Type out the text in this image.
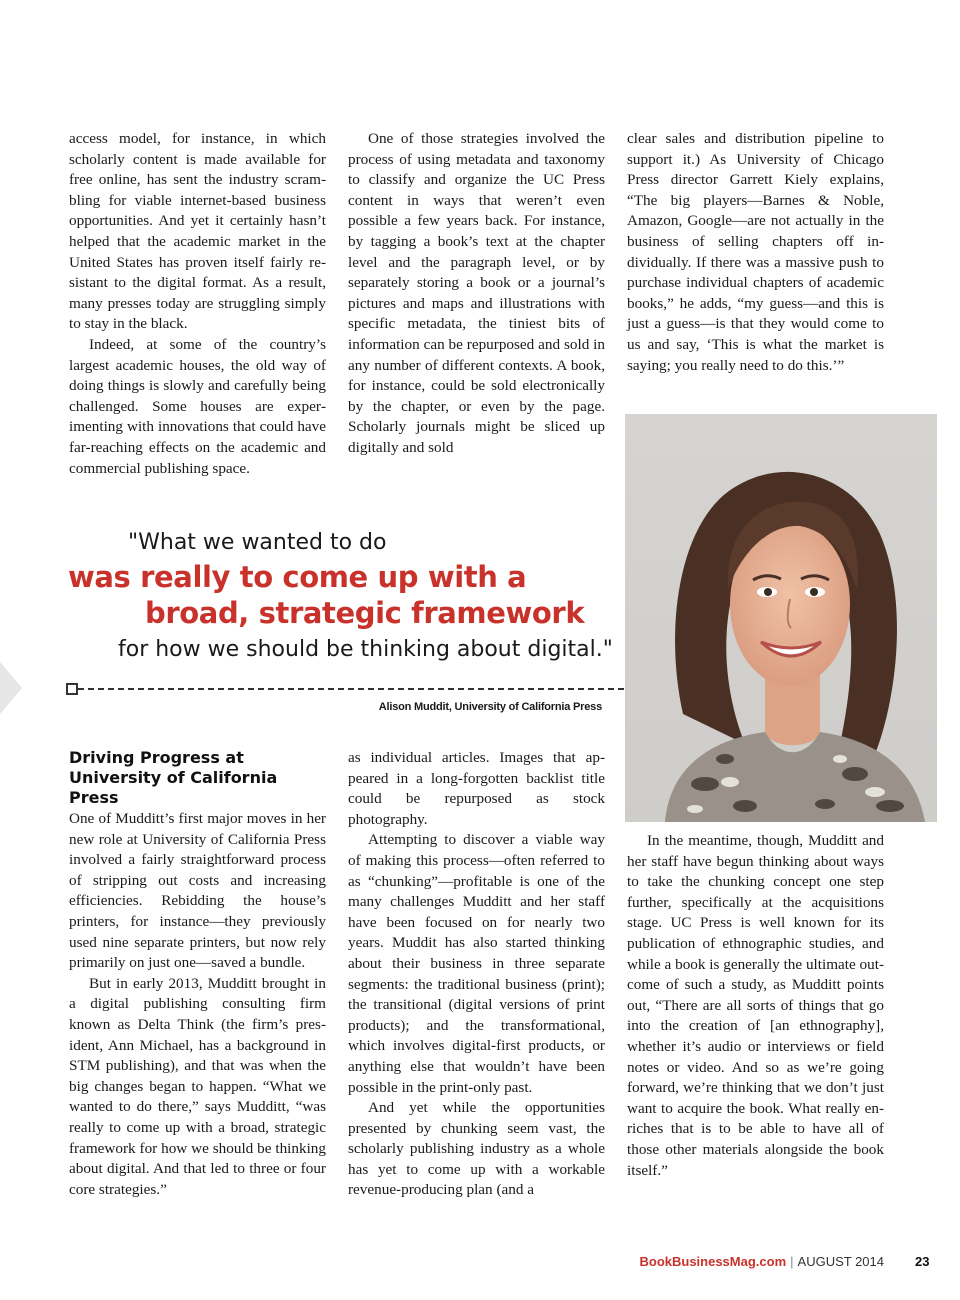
access model, for instance, in which scholarly content is made available for free online, has sent the industry scrambling for viable internet-based business opportunities. And yet it certainly hasn’t helped that the academic market in the United States has proven itself fairly resistant to the digital format. As a result, many presses today are struggling simply to stay in the black.

Indeed, at some of the country’s largest academic houses, the old way of doing things is slowly and carefully being challenged. Some houses are experimenting with innovations that could have far-reaching effects on the academic and commercial publishing space.

One of those strategies involved the process of using metadata and taxonomy to classify and organize the UC Press content in ways that weren’t even possible a few years back. For instance, by tagging a book’s text at the chapter level and the paragraph level, or by separately storing a book or a journal’s pictures and maps and illustrations with specific metadata, the tiniest bits of information can be repurposed and sold in any number of different contexts. A book, for instance, could be sold electronically by the chapter, or even by the page. Scholarly journals might be sliced up digitally and sold

clear sales and distribution pipeline to support it.) As University of Chicago Press director Garrett Kiely explains, “The big players—Barnes & Noble, Amazon, Google—are not actually in the business of selling chapters off individually. If there was a massive push to purchase individual chapters of academic books,” he adds, “my guess—and this is just a guess—is that they would come to us and say, ‘This is what the market is saying; you really need to do this.’”

"What we wanted to do
was really to come up with a
broad, strategic framework
for how we should be thinking about digital."
Alison Muddit, University of California Press
Driving Progress at University of California Press

One of Mudditt’s first major moves in her new role at University of California Press involved a fairly straightforward process of stripping out costs and increasing efficiencies. Rebidding the house’s printers, for instance—they previously used nine separate printers, but now rely primarily on just one—saved a bundle.

But in early 2013, Mudditt brought in a digital publishing consulting firm known as Delta Think (the firm’s president, Ann Michael, has a background in STM publishing), and that was when the big changes began to happen. “What we wanted to do there,” says Mudditt, “was really to come up with a broad, strategic framework for how we should be thinking about digital. And that led to three or four core strategies.”

as individual articles. Images that appeared in a long-forgotten backlist title could be repurposed as stock photography.

Attempting to discover a viable way of making this process—often referred to as “chunking”—profitable is one of the many challenges Mudditt and her staff have been focused on for nearly two years. Muddit has also started thinking about their business in three separate segments: the traditional business (print); the transitional (digital versions of print products); and the transformational, which involves digital-first products, or anything else that wouldn’t have been possible in the print-only past.

And yet while the opportunities presented by chunking seem vast, the scholarly publishing industry as a whole has yet to come up with a workable revenue-producing plan (and a

In the meantime, though, Mudditt and her staff have begun thinking about ways to take the chunking concept one step further, specifically at the acquisitions stage. UC Press is well known for its publication of ethnographic studies, and while a book is generally the ultimate outcome of such a study, as Mudditt points out, “There are all sorts of things that go into the creation of [an ethnography], whether it’s audio or interviews or field notes or video. And so as we’re going forward, we’re thinking that we don’t just want to acquire the book. What really enriches that is to be able to have all of those other materials alongside the book itself.”

BookBusinessMag.com | AUGUST 2014 23
